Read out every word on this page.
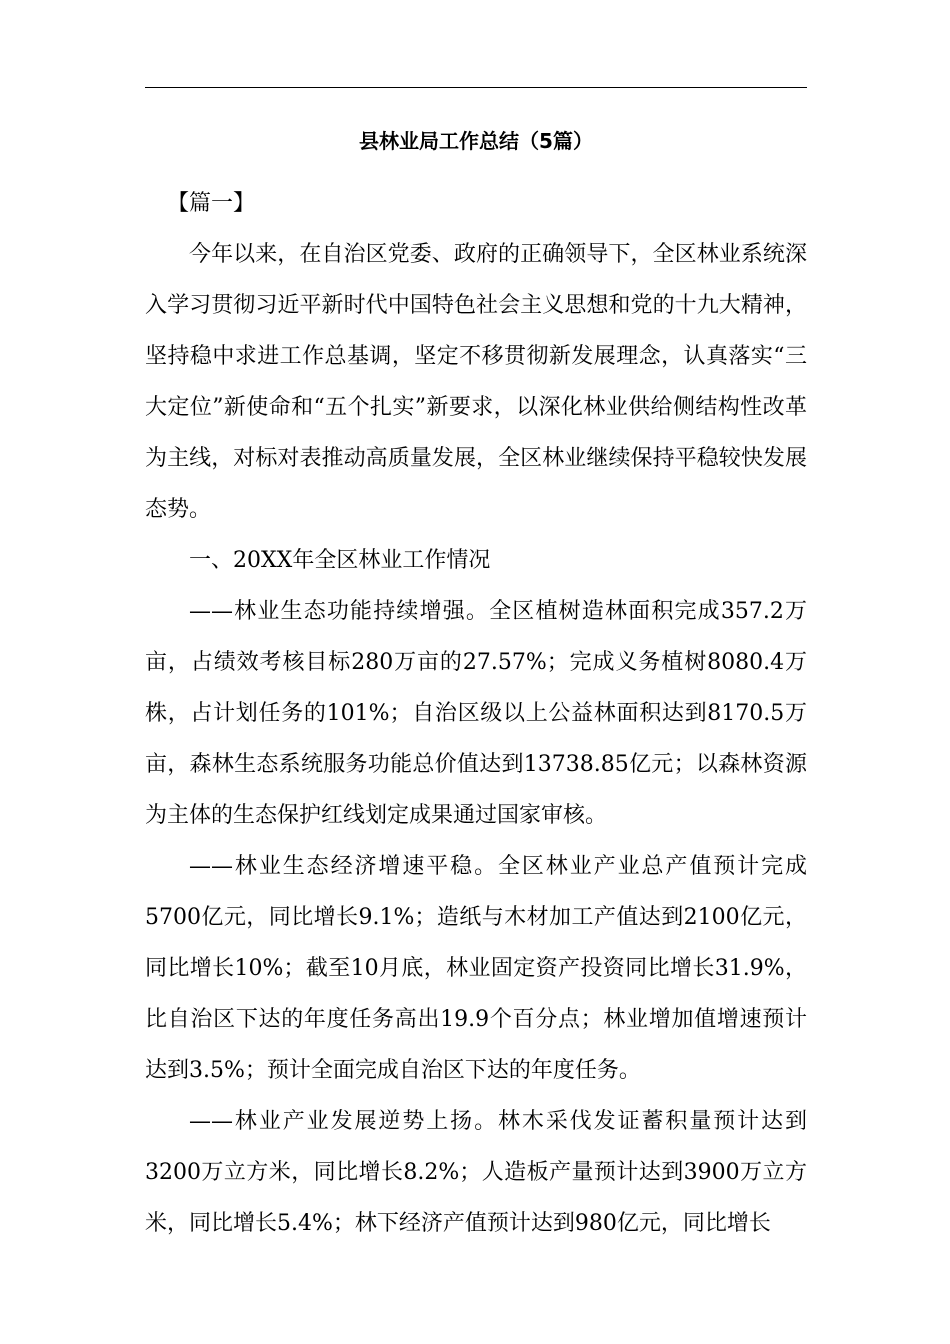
县林业局工作总结（5篇）

【篇一】

今年以来，在自治区党委、政府的正确领导下，全区林业系统深入学习贯彻习近平新时代中国特色社会主义思想和党的十九大精神，坚持稳中求进工作总基调，坚定不移贯彻新发展理念，认真落实“三大定位”新使命和“五个扎实”新要求，以深化林业供给侧结构性改革为主线，对标对表推动高质量发展，全区林业继续保持平稳较快发展态势。

一、20XX年全区林业工作情况

——林业生态功能持续增强。全区植树造林面积完成357.2万亩，占绩效考核目标280万亩的27.57%；完成义务植树8080.4万株，占计划任务的101%；自治区级以上公益林面积达到8170.5万亩，森林生态系统服务功能总价值达到13738.85亿元；以森林资源为主体的生态保护红线划定成果通过国家审核。

——林业生态经济增速平稳。全区林业产业总产值预计完成5700亿元，同比增长9.1%；造纸与木材加工产值达到2100亿元，同比增长10%；截至10月底，林业固定资产投资同比增长31.9%，比自治区下达的年度任务高出19.9个百分点；林业增加值增速预计达到3.5%；预计全面完成自治区下达的年度任务。

——林业产业发展逆势上扬。林木采伐发证蓄积量预计达到3200万立方米，同比增长8.2%；人造板产量预计达到3900万立方米，同比增长5.4%；林下经济产值预计达到980亿元，同比增长
